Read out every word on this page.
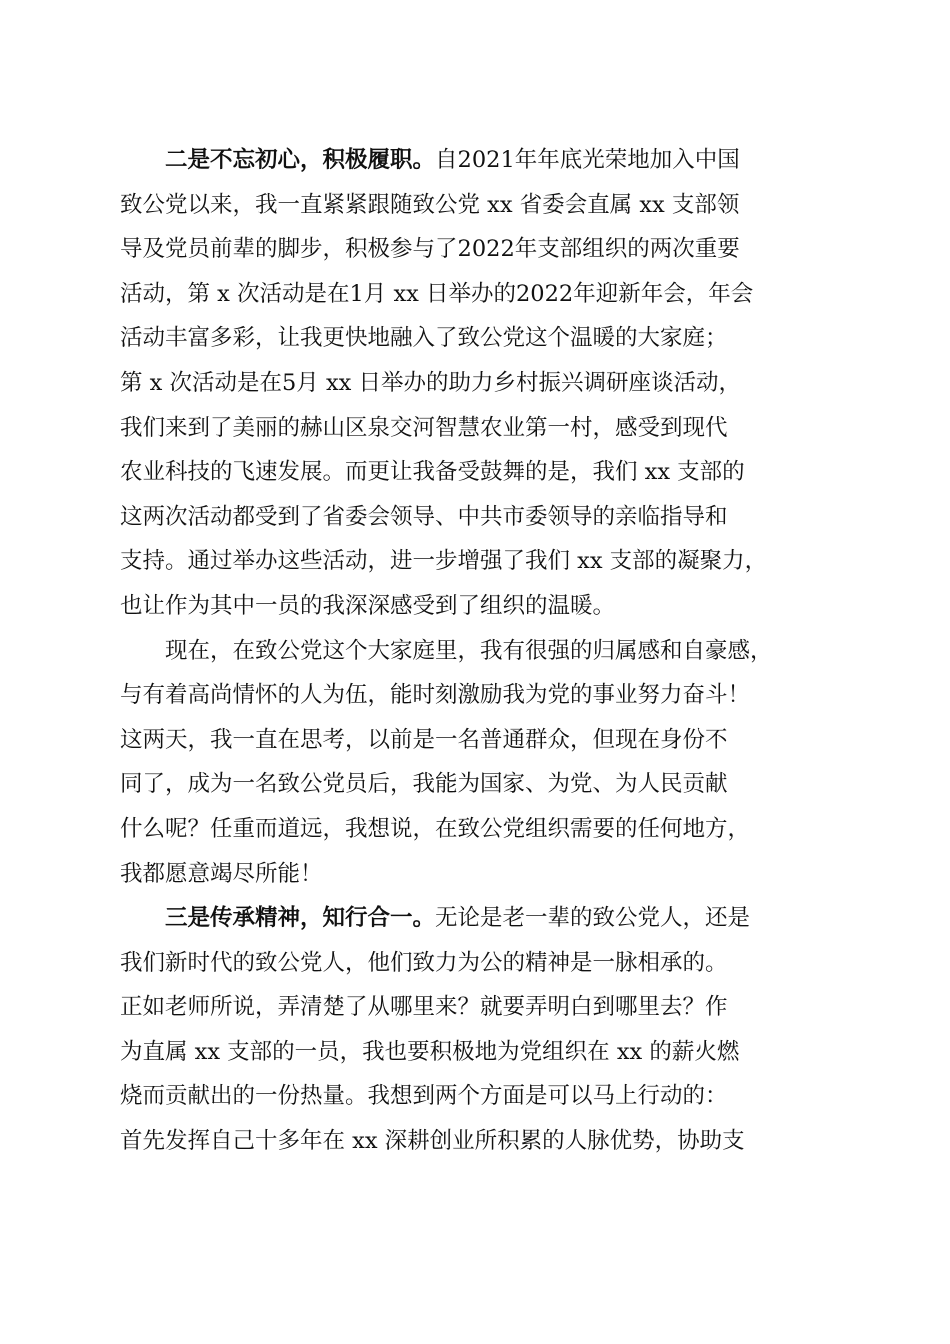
二是不忘初心，积极履职。自2021年年底光荣地加入中国
致公党以来，我一直紧紧跟随致公党 xx 省委会直属 xx 支部领
导及党员前辈的脚步，积极参与了2022年支部组织的两次重要
活动，第 x 次活动是在1月 xx 日举办的2022年迎新年会，年会
活动丰富多彩，让我更快地融入了致公党这个温暖的大家庭；
第 x 次活动是在5月 xx 日举办的助力乡村振兴调研座谈活动，
我们来到了美丽的赫山区泉交河智慧农业第一村，感受到现代
农业科技的飞速发展。而更让我备受鼓舞的是，我们 xx 支部的
这两次活动都受到了省委会领导、中共市委领导的亲临指导和
支持。通过举办这些活动，进一步增强了我们 xx 支部的凝聚力，
也让作为其中一员的我深深感受到了组织的温暖。
现在，在致公党这个大家庭里，我有很强的归属感和自豪感，
与有着高尚情怀的人为伍，能时刻激励我为党的事业努力奋斗！
这两天，我一直在思考，以前是一名普通群众，但现在身份不
同了，成为一名致公党员后，我能为国家、为党、为人民贡献
什么呢？任重而道远，我想说，在致公党组织需要的任何地方，
我都愿意竭尽所能！
三是传承精神，知行合一。无论是老一辈的致公党人，还是
我们新时代的致公党人，他们致力为公的精神是一脉相承的。
正如老师所说，弄清楚了从哪里来？就要弄明白到哪里去？作
为直属 xx 支部的一员，我也要积极地为党组织在 xx 的薪火燃
烧而贡献出的一份热量。我想到两个方面是可以马上行动的：
首先发挥自己十多年在 xx 深耕创业所积累的人脉优势，协助支
